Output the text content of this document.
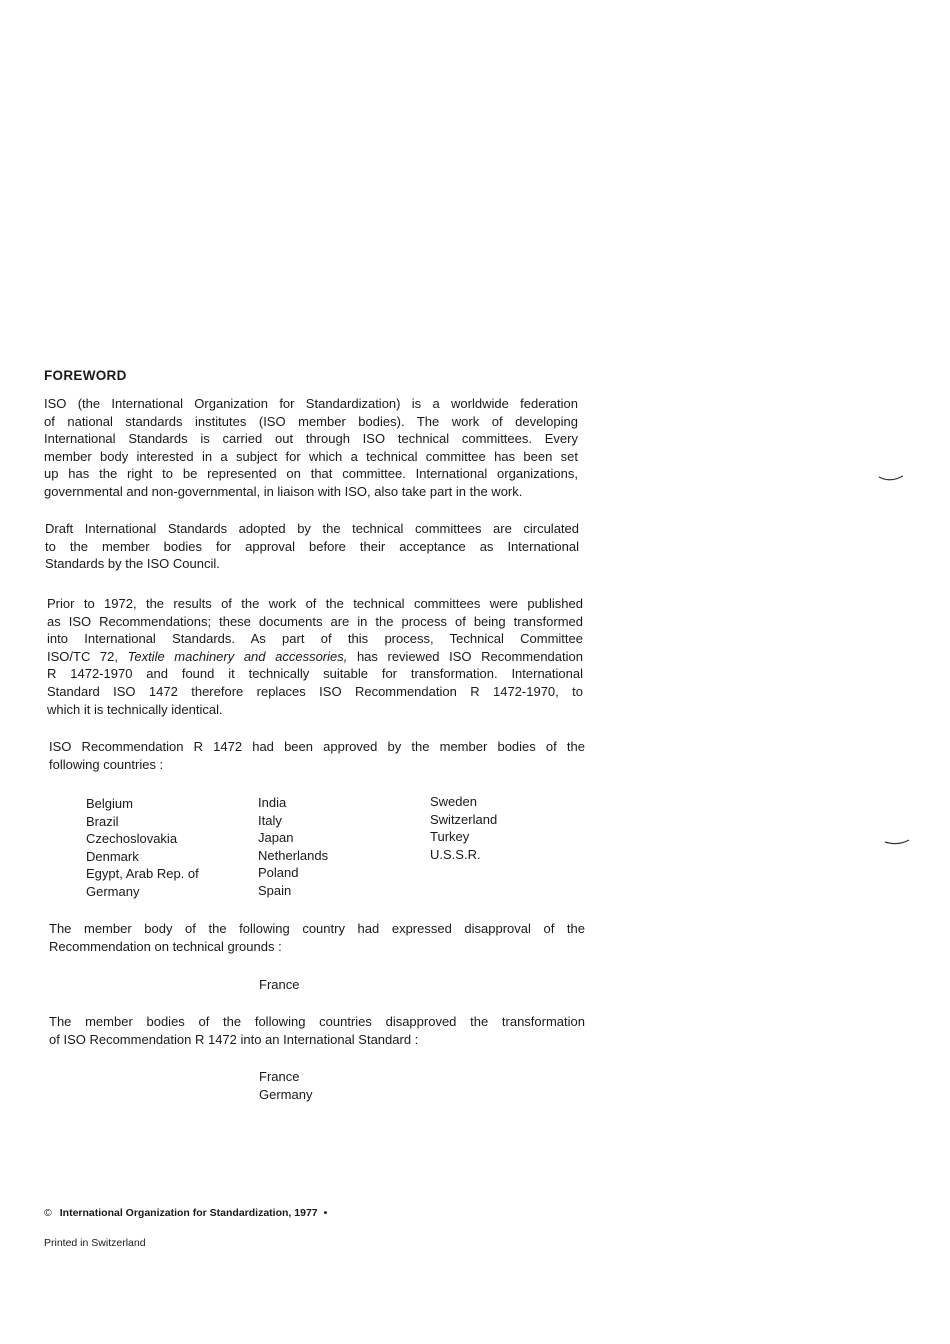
FOREWORD
ISO (the International Organization for Standardization) is a worldwide federation
of national standards institutes (ISO member bodies). The work of developing
International Standards is carried out through ISO technical committees. Every
member body interested in a subject for which a technical committee has been set
up has the right to be represented on that committee. International organizations,
governmental and non-governmental, in liaison with ISO, also take part in the work.
Draft International Standards adopted by the technical committees are circulated
to the member bodies for approval before their acceptance as International
Standards by the ISO Council.
Prior to 1972, the results of the work of the technical committees were published
as ISO Recommendations; these documents are in the process of being transformed
into International Standards. As part of this process, Technical Committee
ISO/TC 72, Textile machinery and accessories, has reviewed ISO Recommendation
R 1472-1970 and found it technically suitable for transformation. International
Standard ISO 1472 therefore replaces ISO Recommendation R 1472-1970, to
which it is technically identical.
ISO Recommendation R 1472 had been approved by the member bodies of the
following countries :
Belgium
Brazil
Czechoslovakia
Denmark
Egypt, Arab Rep. of
Germany
India
Italy
Japan
Netherlands
Poland
Spain
Sweden
Switzerland
Turkey
U.S.S.R.
The member body of the following country had expressed disapproval of the
Recommendation on technical grounds :
France
The member bodies of the following countries disapproved the transformation
of ISO Recommendation R 1472 into an International Standard :
France
Germany
© International Organization for Standardization, 1977 •
Printed in Switzerland
